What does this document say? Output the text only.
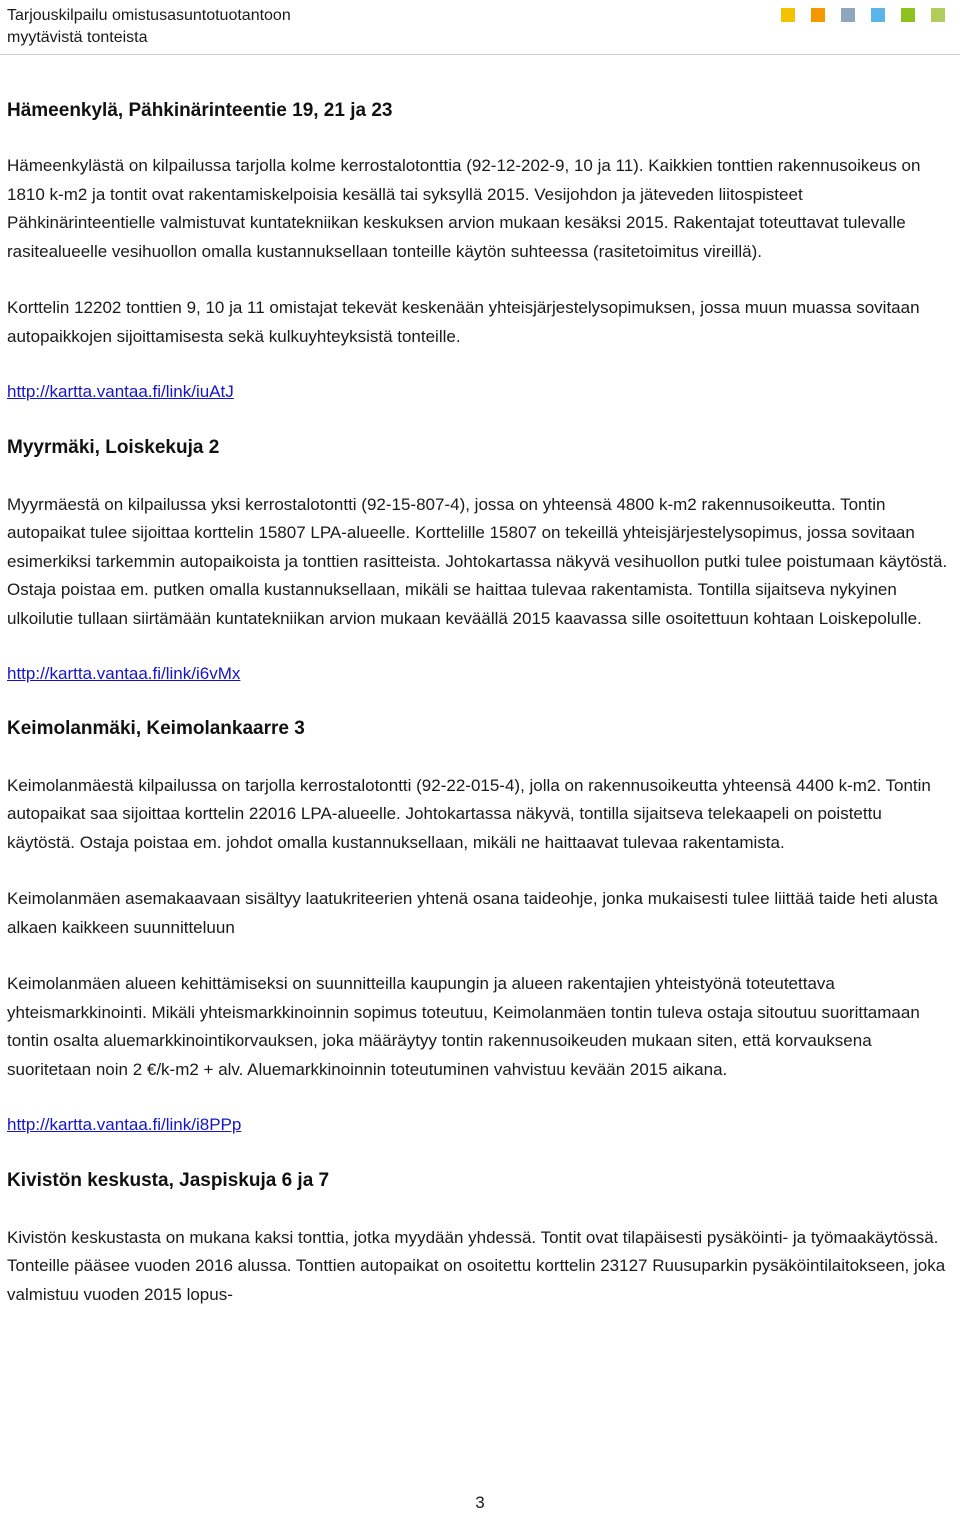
Tarjouskilpailu omistusasuntotuotantoon
myytävistä tonteista
Hämeenkylä, Pähkinärinteentie 19, 21 ja 23

Hämeenkylästä on kilpailussa tarjolla kolme kerrostalotonttia (92-12-202-9, 10 ja 11). Kaikkien tonttien rakennusoikeus on 1810 k-m2 ja tontit ovat rakentamiskelpoisia kesällä tai syksyllä 2015. Vesijohdon ja jäteveden liitospisteet Pähkinärinteentielle valmistuvat kuntatekniikan keskuksen arvion mukaan kesäksi 2015. Rakentajat toteuttavat tulevalle rasitealueelle vesihuollon omalla kustannuksellaan tonteille käytön suhteessa (rasitetoimitus vireillä).

Korttelin 12202 tonttien 9, 10 ja 11 omistajat tekevät keskenään yhteisjärjestelysopimuksen, jossa muun muassa sovitaan autopaikkojen sijoittamisesta sekä kulkuyhteyksistä tonteille.

http://kartta.vantaa.fi/link/iuAtJ
Myyrmäki, Loiskekuja 2

Myyrmäestä on kilpailussa yksi kerrostalotontti (92-15-807-4), jossa on yhteensä 4800 k-m2 rakennusoikeutta. Tontin autopaikat tulee sijoittaa korttelin 15807 LPA-alueelle. Korttelille 15807 on tekeillä yhteisjärjestelysopimus, jossa sovitaan esimerkiksi tarkemmin autopaikoista ja tonttien rasitteista. Johtokartassa näkyvä vesihuollon putki tulee poistumaan käytöstä. Ostaja poistaa em. putken omalla kustannuksellaan, mikäli se haittaa tulevaa rakentamista. Tontilla sijaitseva nykyinen ulkoilutie tullaan siirtämään kuntatekniikan arvion mukaan keväällä 2015 kaavassa sille osoitettuun kohtaan Loiskepolulle.

http://kartta.vantaa.fi/link/i6vMx
Keimolanmäki, Keimolankaarre 3

Keimolanmäestä kilpailussa on tarjolla kerrostalotontti (92-22-015-4), jolla on rakennusoikeutta yhteensä 4400 k-m2. Tontin autopaikat saa sijoittaa korttelin 22016 LPA-alueelle. Johtokartassa näkyvä, tontilla sijaitseva telekaapeli on poistettu käytöstä. Ostaja poistaa em. johdot omalla kustannuksellaan, mikäli ne haittaavat tulevaa rakentamista.

Keimolanmäen asemakaavaan sisältyy laatukriteerien yhtenä osana taideohje, jonka mukaisesti tulee liittää taide heti alusta alkaen kaikkeen suunnitteluun

Keimolanmäen alueen kehittämiseksi on suunnitteilla kaupungin ja alueen rakentajien yhteistyönä toteutettava yhteismarkkinointi. Mikäli yhteismarkkinoinnin sopimus toteutuu, Keimolanmäen tontin tuleva ostaja sitoutuu suorittamaan tontin osalta aluemarkkinointikorvauksen, joka määräytyy tontin rakennusoikeuden mukaan siten, että korvauksena suoritetaan noin 2 €/k-m2 + alv. Aluemarkkinoinnin toteutuminen vahvistuu kevään 2015 aikana.

http://kartta.vantaa.fi/link/i8PPp
Kivistön keskusta, Jaspiskuja 6 ja 7

Kivistön keskustasta on mukana kaksi tonttia, jotka myydään yhdessä. Tontit ovat tilapäisesti pysäköinti- ja työmaakäytössä. Tonteille pääsee vuoden 2016 alussa. Tonttien autopaikat on osoitettu korttelin 23127 Ruusuparkin pysäköintilaitokseen, joka valmistuu vuoden 2015 lopus-

3
